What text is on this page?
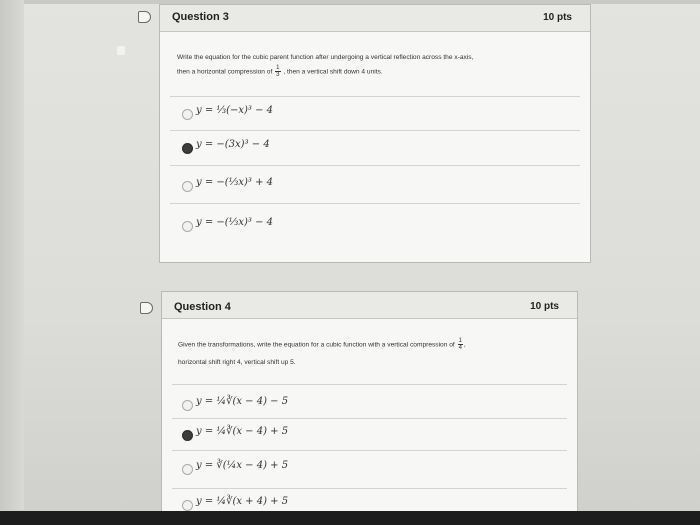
Question 3	10 pts
Write the equation for the cubic parent function after undergoing a vertical reflection across the x-axis,
then a horizontal compression of $\frac{1}{3}$ , then a vertical shift down 4 units.
y = ⅓(−x)³ − 4
y = −(3x)³ − 4
y = −(⅓x)³ + 4
y = −(⅓x)³ − 4
Question 4	10 pts
Given the transformations, write the equation for a cubic function with a vertical compression of $\frac{1}{4}$ ,
horizontal shift right 4, vertical shift up 5.
y = ¼∛(x − 4) − 5
y = ¼∛(x − 4) + 5
y = ∛(¼x − 4) + 5
y = ¼∛(x + 4) + 5
